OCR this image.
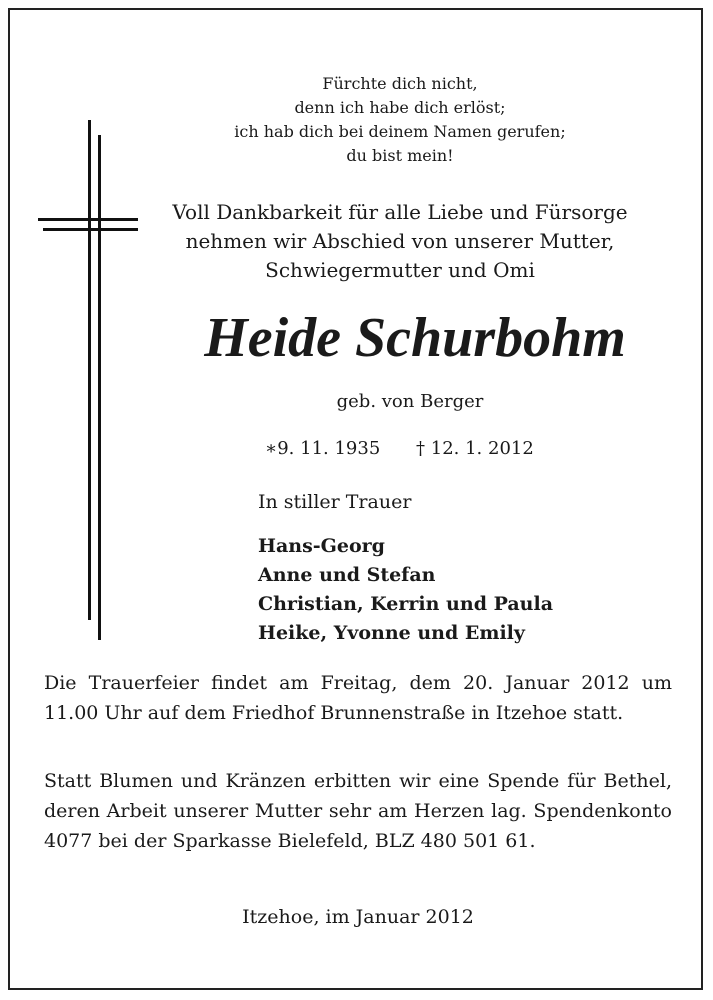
Fürchte dich nicht,
denn ich habe dich erlöst;
ich hab dich bei deinem Namen gerufen;
du bist mein!
Voll Dankbarkeit für alle Liebe und Fürsorge
nehmen wir Abschied von unserer Mutter,
Schwiegermutter und Omi
Heide Schurbohm
geb. von Berger
∗9. 11. 1935 † 12. 1. 2012
In stiller Trauer
Hans-Georg
Anne und Stefan
Christian, Kerrin und Paula
Heike, Yvonne und Emily
Die Trauerfeier findet am Freitag, dem 20. Januar 2012 um 11.00 Uhr auf dem Friedhof Brunnenstraße in Itzehoe statt.
Statt Blumen und Kränzen erbitten wir eine Spende für Bethel, deren Arbeit unserer Mutter sehr am Herzen lag. Spendenkonto 4077 bei der Sparkasse Bielefeld, BLZ 480 501 61.
Itzehoe, im Januar 2012
